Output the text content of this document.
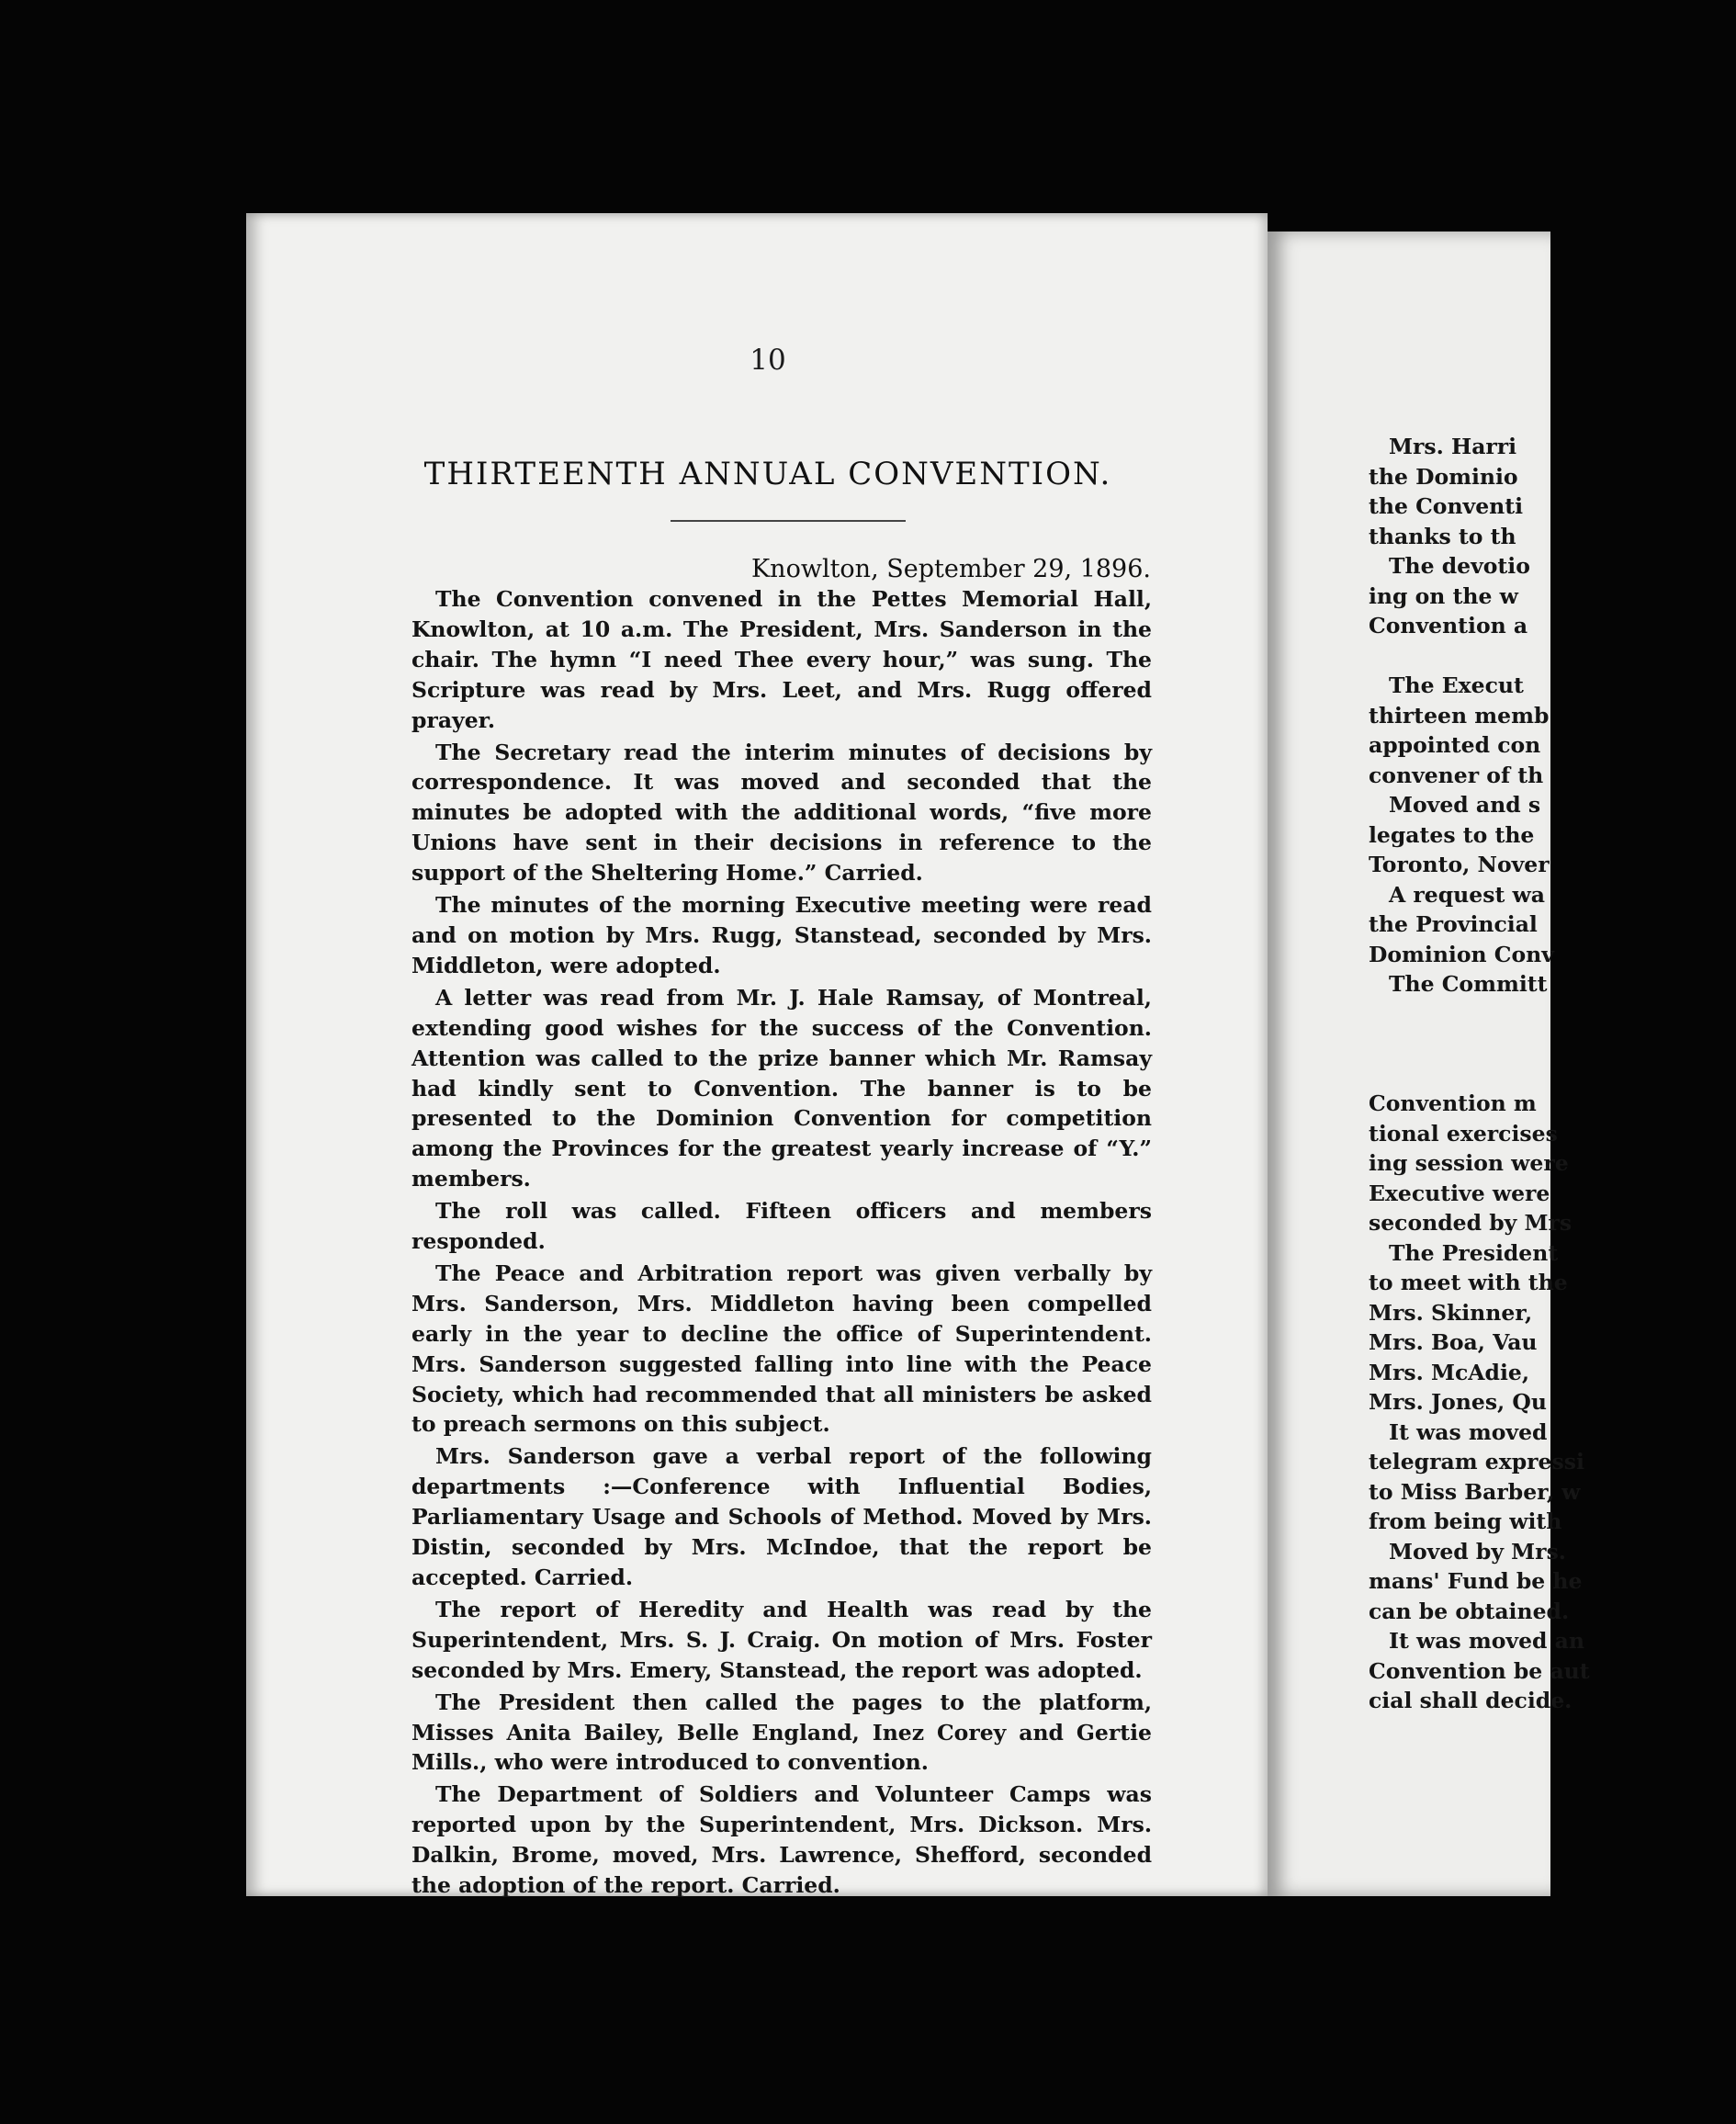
10
THIRTEENTH ANNUAL CONVENTION.
Knowlton, September 29, 1896.

The Convention convened in the Pettes Memorial Hall, Knowlton, at 10 a.m. The President, Mrs. Sanderson in the chair. The hymn “I need Thee every hour,” was sung. The Scripture was read by Mrs. Leet, and Mrs. Rugg offered prayer.

The Secretary read the interim minutes of decisions by correspondence. It was moved and seconded that the minutes be adopted with the additional words, “five more Unions have sent in their decisions in reference to the support of the Sheltering Home.” Carried.

The minutes of the morning Executive meeting were read and on motion by Mrs. Rugg, Stanstead, seconded by Mrs. Middleton, were adopted.

A letter was read from Mr. J. Hale Ramsay, of Montreal, extending good wishes for the success of the Convention. Attention was called to the prize banner which Mr. Ramsay had kindly sent to Convention. The banner is to be presented to the Dominion Convention for competition among the Provinces for the greatest yearly increase of “Y.” members.

The roll was called. Fifteen officers and members responded.

The Peace and Arbitration report was given verbally by Mrs. Sanderson, Mrs. Middleton having been compelled early in the year to decline the office of Superintendent. Mrs. Sanderson suggested falling into line with the Peace Society, which had recommended that all ministers be asked to preach sermons on this subject.

Mrs. Sanderson gave a verbal report of the following departments :—Conference with Influential Bodies, Parliamentary Usage and Schools of Method. Moved by Mrs. Distin, seconded by Mrs. McIndoe, that the report be accepted. Carried.

The report of Heredity and Health was read by the Superintendent, Mrs. S. J. Craig. On motion of Mrs. Foster seconded by Mrs. Emery, Stanstead, the report was adopted.

The President then called the pages to the platform, Misses Anita Bailey, Belle England, Inez Corey and Gertie Mills., who were introduced to convention.

The Department of Soldiers and Volunteer Camps was reported upon by the Superintendent, Mrs. Dickson. Mrs. Dalkin, Brome, moved, Mrs. Lawrence, Shefford, seconded the adoption of the report. Carried.

Mrs. Harri
the Dominio
the Conventi
thanks to th
The devotio
ing on the w
Convention a
The Execut
thirteen memb
appointed con
convener of th
Moved and s
legates to the
Toronto, Nover
A request wa
the Provincial
Dominion Conv
The Committ
Convention m
tional exercises
ing session were
Executive were
seconded by Mrs
The President
to meet with the
Mrs. Skinner,
Mrs. Boa, Vau
Mrs. McAdie,
Mrs. Jones, Qu
It was moved
telegram expressi
to Miss Barber, w
from being with
Moved by Mrs.
mans' Fund be he
can be obtained.
It was moved an
Convention be aut
cial shall decide.
